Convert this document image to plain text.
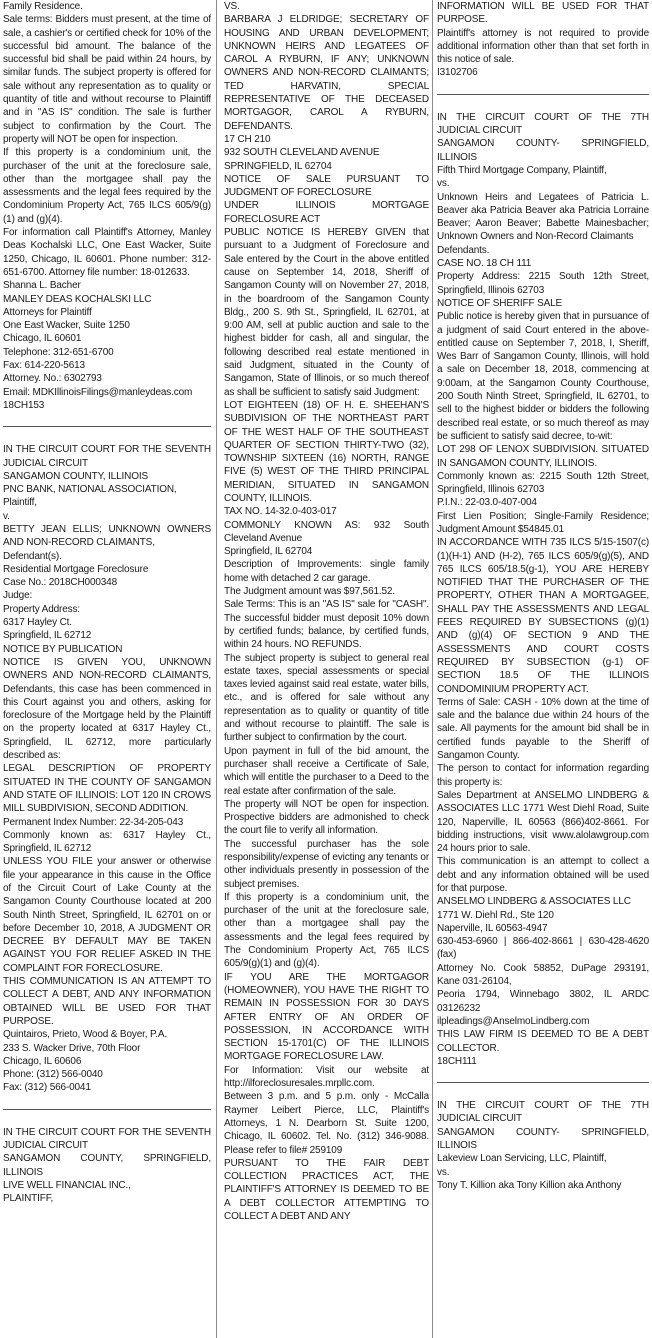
Family Residence.
Sale terms: Bidders must present, at the time of sale, a cashier's or certified check for 10% of the successful bid amount. The balance of the successful bid shall be paid within 24 hours, by similar funds. The subject property is offered for sale without any representation as to quality or quantity of title and without recourse to Plaintiff and in "AS IS" condition. The sale is further subject to confirmation by the Court. The property will NOT be open for inspection.
If this property is a condominium unit, the purchaser of the unit at the foreclosure sale, other than the mortgagee shall pay the assessments and the legal fees required by the Condominium Property Act, 765 ILCS 605/9(g)(1) and (g)(4).
For information call Plaintiff's Attorney, Manley Deas Kochalski LLC, One East Wacker, Suite 1250, Chicago, IL 60601. Phone number: 312-651-6700. Attorney file number: 18-012633.
Shanna L. Bacher
MANLEY DEAS KOCHALSKI LLC
Attorneys for Plaintiff
One East Wacker, Suite 1250
Chicago, IL 60601
Telephone: 312-651-6700
Fax: 614-220-5613
Attorney. No.: 6302793
Email: MDKIllinoisFilings@manleydeas.com
18CH153
IN THE CIRCUIT COURT FOR THE SEVENTH JUDICIAL CIRCUIT
SANGAMON COUNTY, ILLINOIS
PNC BANK, NATIONAL ASSOCIATION,
Plaintiff,
v.
BETTY JEAN ELLIS; UNKNOWN OWNERS AND NON-RECORD CLAIMANTS,
Defendant(s).
Residential Mortgage Foreclosure
Case No.: 2018CH000348
Judge:
Property Address:
6317 Hayley Ct.
Springfield, IL 62712
NOTICE BY PUBLICATION
NOTICE IS GIVEN YOU, UNKNOWN OWNERS AND NON-RECORD CLAIMANTS, Defendants, this case has been commenced in this Court against you and others, asking for foreclosure of the Mortgage held by the Plaintiff on the property located at 6317 Hayley Ct., Springfield, IL 62712, more particularly described as:
LEGAL DESCRIPTION OF PROPERTY SITUATED IN THE COUNTY OF SANGAMON AND STATE OF ILLINOIS: LOT 120 IN CROWS MILL SUBDIVISION, SECOND ADDITION.
Permanent Index Number: 22-34-205-043
Commonly known as: 6317 Hayley Ct., Springfield, IL 62712
UNLESS YOU FILE your answer or otherwise file your appearance in this cause in the Office of the Circuit Court of Lake County at the Sangamon County Courthouse located at 200 South Ninth Street, Springfield, IL 62701 on or before December 10, 2018, A JUDGMENT OR DECREE BY DEFAULT MAY BE TAKEN AGAINST YOU FOR RELIEF ASKED IN THE COMPLAINT FOR FORECLOSURE.
THIS COMMUNICATION IS AN ATTEMPT TO COLLECT A DEBT, AND ANY INFORMATION OBTAINED WILL BE USED FOR THAT PURPOSE.
Quintairos, Prieto, Wood & Boyer, P.A.
233 S. Wacker Drive, 70th Floor
Chicago, IL 60606
Phone: (312) 566-0040
Fax: (312) 566-0041
IN THE CIRCUIT COURT FOR THE SEVENTH JUDICIAL CIRCUIT
SANGAMON COUNTY, SPRINGFIELD, ILLINOIS
LIVE WELL FINANCIAL INC.,
PLAINTIFF,
VS.
BARBARA J ELDRIDGE; SECRETARY OF HOUSING AND URBAN DEVELOPMENT; UNKNOWN HEIRS AND LEGATEES OF CAROL A RYBURN, IF ANY; UNKNOWN OWNERS AND NON-RECORD CLAIMANTS; TED HARVATIN, SPECIAL REPRESENTATIVE OF THE DECEASED MORTGAGOR, CAROL A RYBURN, DEFENDANTS.
17 CH 210
932 SOUTH CLEVELAND AVENUE
SPRINGFIELD, IL 62704
NOTICE OF SALE PURSUANT TO JUDGMENT OF FORECLOSURE
UNDER ILLINOIS MORTGAGE FORECLOSURE ACT
PUBLIC NOTICE IS HEREBY GIVEN that pursuant to a Judgment of Foreclosure and Sale entered by the Court in the above entitled cause on September 14, 2018, Sheriff of Sangamon County will on November 27, 2018, in the boardroom of the Sangamon County Bldg., 200 S. 9th St., Springfield, IL 62701, at 9:00 AM, sell at public auction and sale to the highest bidder for cash, all and singular, the following described real estate mentioned in said Judgment, situated in the County of Sangamon, State of Illinois, or so much thereof as shall be sufficient to satisfy said Judgment:
LOT EIGHTEEN (18) OF H. E. SHEEHAN'S SUBDIVISION OF THE NORTHEAST PART OF THE WEST HALF OF THE SOUTHEAST QUARTER OF SECTION THIRTY-TWO (32), TOWNSHIP SIXTEEN (16) NORTH, RANGE FIVE (5) WEST OF THE THIRD PRINCIPAL MERIDIAN, SITUATED IN SANGAMON COUNTY, ILLINOIS.
TAX NO. 14-32.0-403-017
COMMONLY KNOWN AS: 932 South Cleveland Avenue
Springfield, IL 62704
Description of Improvements: single family home with detached 2 car garage.
The Judgment amount was $97,561.52.
Sale Terms: This is an "AS IS" sale for "CASH". The successful bidder must deposit 10% down by certified funds; balance, by certified funds, within 24 hours. NO REFUNDS.
The subject property is subject to general real estate taxes, special assessments or special taxes levied against said real estate, water bills, etc., and is offered for sale without any representation as to quality or quantity of title and without recourse to plaintiff. The sale is further subject to confirmation by the court.
Upon payment in full of the bid amount, the purchaser shall receive a Certificate of Sale, which will entitle the purchaser to a Deed to the real estate after confirmation of the sale.
The property will NOT be open for inspection. Prospective bidders are admonished to check the court file to verify all information.
The successful purchaser has the sole responsibility/expense of evicting any tenants or other individuals presently in possession of the subject premises.
If this property is a condominium unit, the purchaser of the unit at the foreclosure sale, other than a mortgagee shall pay the assessments and the legal fees required by The Condominium Property Act, 765 ILCS 605/9(g)(1) and (g)(4).
IF YOU ARE THE MORTGAGOR (HOMEOWNER), YOU HAVE THE RIGHT TO REMAIN IN POSSESSION FOR 30 DAYS AFTER ENTRY OF AN ORDER OF POSSESSION, IN ACCORDANCE WITH SECTION 15-1701(C) OF THE ILLINOIS MORTGAGE FORECLOSURE LAW.
For Information: Visit our website at http://ilforeclosuresales.mrpllc.com.
Between 3 p.m. and 5 p.m. only - McCalla Raymer Leibert Pierce, LLC, Plaintiff's Attorneys, 1 N. Dearborn St. Suite 1200, Chicago, IL 60602. Tel. No. (312) 346-9088. Please refer to file# 259109
PURSUANT TO THE FAIR DEBT COLLECTION PRACTICES ACT, THE PLAINTIFF'S ATTORNEY IS DEEMED TO BE A DEBT COLLECTOR ATTEMPTING TO COLLECT A DEBT AND ANY
INFORMATION WILL BE USED FOR THAT PURPOSE.
Plaintiff's attorney is not required to provide additional information other than that set forth in this notice of sale.
I3102706
IN THE CIRCUIT COURT OF THE 7TH JUDICIAL CIRCUIT
SANGAMON COUNTY- SPRINGFIELD, ILLINOIS
Fifth Third Mortgage Company, Plaintiff,
vs.
Unknown Heirs and Legatees of Patricia L. Beaver aka Patricia Beaver aka Patricia Lorraine Beaver; Aaron Beaver; Babette Mainesbacher; Unknown Owners and Non-Record Claimants
Defendants.
CASE NO. 18 CH 111
Property Address: 2215 South 12th Street, Springfield, Illinois 62703
NOTICE OF SHERIFF SALE
Public notice is hereby given that in pursuance of a judgment of said Court entered in the above-entitled cause on September 7, 2018, I, Sheriff, Wes Barr of Sangamon County, Illinois, will hold a sale on December 18, 2018, commencing at 9:00am, at the Sangamon County Courthouse, 200 South Ninth Street, Springfield, IL 62701, to sell to the highest bidder or bidders the following described real estate, or so much thereof as may be sufficient to satisfy said decree, to-wit:
LOT 298 OF LENOX SUBDIVISION. SITUATED IN SANGAMON COUNTY, ILLINOIS.
Commonly known as: 2215 South 12th Street, Springfield, Illinois 62703
P.I.N.: 22-03.0-407-004
First Lien Position; Single-Family Residence; Judgment Amount $54845.01
IN ACCORDANCE WITH 735 ILCS 5/15-1507(c)(1)(H-1) AND (H-2), 765 ILCS 605/9(g)(5), AND 765 ILCS 605/18.5(g-1), YOU ARE HEREBY NOTIFIED THAT THE PURCHASER OF THE PROPERTY, OTHER THAN A MORTGAGEE, SHALL PAY THE ASSESSMENTS AND LEGAL FEES REQUIRED BY SUBSECTIONS (g)(1) AND (g)(4) OF SECTION 9 AND THE ASSESSMENTS AND COURT COSTS REQUIRED BY SUBSECTION (g-1) OF SECTION 18.5 OF THE ILLINOIS CONDOMINIUM PROPERTY ACT.
Terms of Sale: CASH - 10% down at the time of sale and the balance due within 24 hours of the sale. All payments for the amount bid shall be in certified funds payable to the Sheriff of Sangamon County.
The person to contact for information regarding this property is:
Sales Department at ANSELMO LINDBERG & ASSOCIATES LLC 1771 West Diehl Road, Suite 120, Naperville, IL 60563 (866)402-8661. For bidding instructions, visit www.alolawgroup.com 24 hours prior to sale.
This communication is an attempt to collect a debt and any information obtained will be used for that purpose.
ANSELMO LINDBERG & ASSOCIATES LLC
1771 W. Diehl Rd., Ste 120
Naperville, IL 60563-4947
630-453-6960 | 866-402-8661 | 630-428-4620 (fax)
Attorney No. Cook 58852, DuPage 293191, Kane 031-26104,
Peoria 1794, Winnebago 3802, IL ARDC 03126232
ilpleadings@AnselmoLindberg.com
THIS LAW FIRM IS DEEMED TO BE A DEBT COLLECTOR.
18CH111
IN THE CIRCUIT COURT OF THE 7TH JUDICIAL CIRCUIT
SANGAMON COUNTY- SPRINGFIELD, ILLINOIS
Lakeview Loan Servicing, LLC, Plaintiff,
vs.
Tony T. Killion aka Tony Killion aka Anthony
